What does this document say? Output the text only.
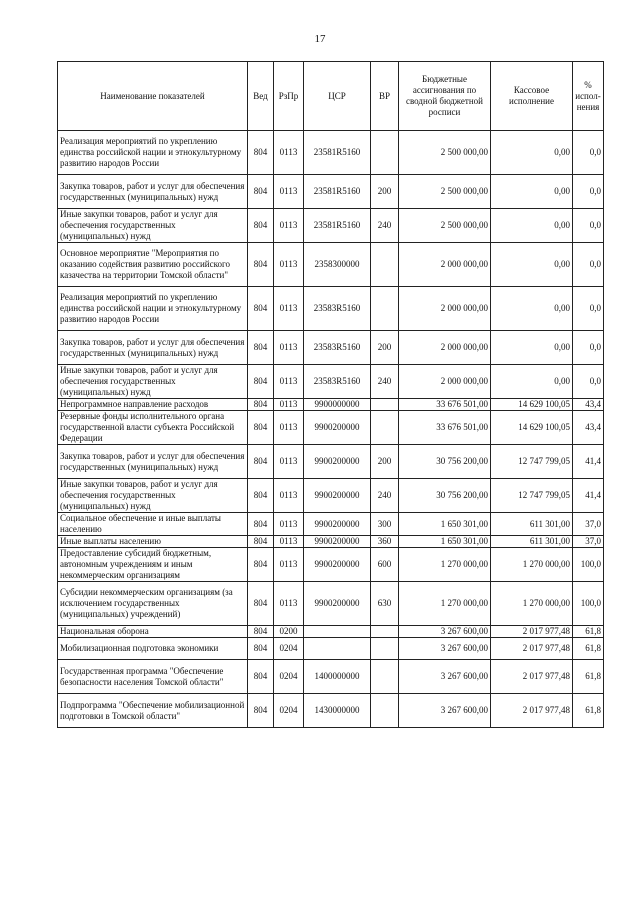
17
Наименование показателей	Вед	РзПр	ЦСР	ВР	Бюджетные ассигнования по сводной бюджетной росписи	Кассовое исполнение	% испол-нения
Реализация мероприятий по укреплению единства российской нации и этнокультурному развитию народов России	804	0113	23581R5160		2 500 000,00	0,00	0,0
Закупка товаров, работ и услуг для обеспечения государственных (муниципальных) нужд	804	0113	23581R5160	200	2 500 000,00	0,00	0,0
Иные закупки товаров, работ и услуг для обеспечения государственных (муниципальных) нужд	804	0113	23581R5160	240	2 500 000,00	0,00	0,0
Основное мероприятие "Мероприятия по оказанию содействия развитию российского казачества на территории Томской области"	804	0113	2358300000		2 000 000,00	0,00	0,0
Реализация мероприятий по укреплению единства российской нации и этнокультурному развитию народов России	804	0113	23583R5160		2 000 000,00	0,00	0,0
Закупка товаров, работ и услуг для обеспечения государственных (муниципальных) нужд	804	0113	23583R5160	200	2 000 000,00	0,00	0,0
Иные закупки товаров, работ и услуг для обеспечения государственных (муниципальных) нужд	804	0113	23583R5160	240	2 000 000,00	0,00	0,0
Непрограммное направление расходов	804	0113	9900000000		33 676 501,00	14 629 100,05	43,4
Резервные фонды исполнительного органа государственной власти субъекта Российской Федерации	804	0113	9900200000		33 676 501,00	14 629 100,05	43,4
Закупка товаров, работ и услуг для обеспечения государственных (муниципальных) нужд	804	0113	9900200000	200	30 756 200,00	12 747 799,05	41,4
Иные закупки товаров, работ и услуг для обеспечения государственных (муниципальных) нужд	804	0113	9900200000	240	30 756 200,00	12 747 799,05	41,4
Социальное обеспечение и иные выплаты населению	804	0113	9900200000	300	1 650 301,00	611 301,00	37,0
Иные выплаты населению	804	0113	9900200000	360	1 650 301,00	611 301,00	37,0
Предоставление субсидий бюджетным, автономным учреждениям и иным некоммерческим организациям	804	0113	9900200000	600	1 270 000,00	1 270 000,00	100,0
Субсидии некоммерческим организациям (за исключением государственных (муниципальных) учреждений)	804	0113	9900200000	630	1 270 000,00	1 270 000,00	100,0
Национальная оборона	804	0200			3 267 600,00	2 017 977,48	61,8
Мобилизационная подготовка экономики	804	0204			3 267 600,00	2 017 977,48	61,8
Государственная программа "Обеспечение безопасности населения Томской области"	804	0204	1400000000		3 267 600,00	2 017 977,48	61,8
Подпрограмма "Обеспечение мобилизационной подготовки в Томской области"	804	0204	1430000000		3 267 600,00	2 017 977,48	61,8
